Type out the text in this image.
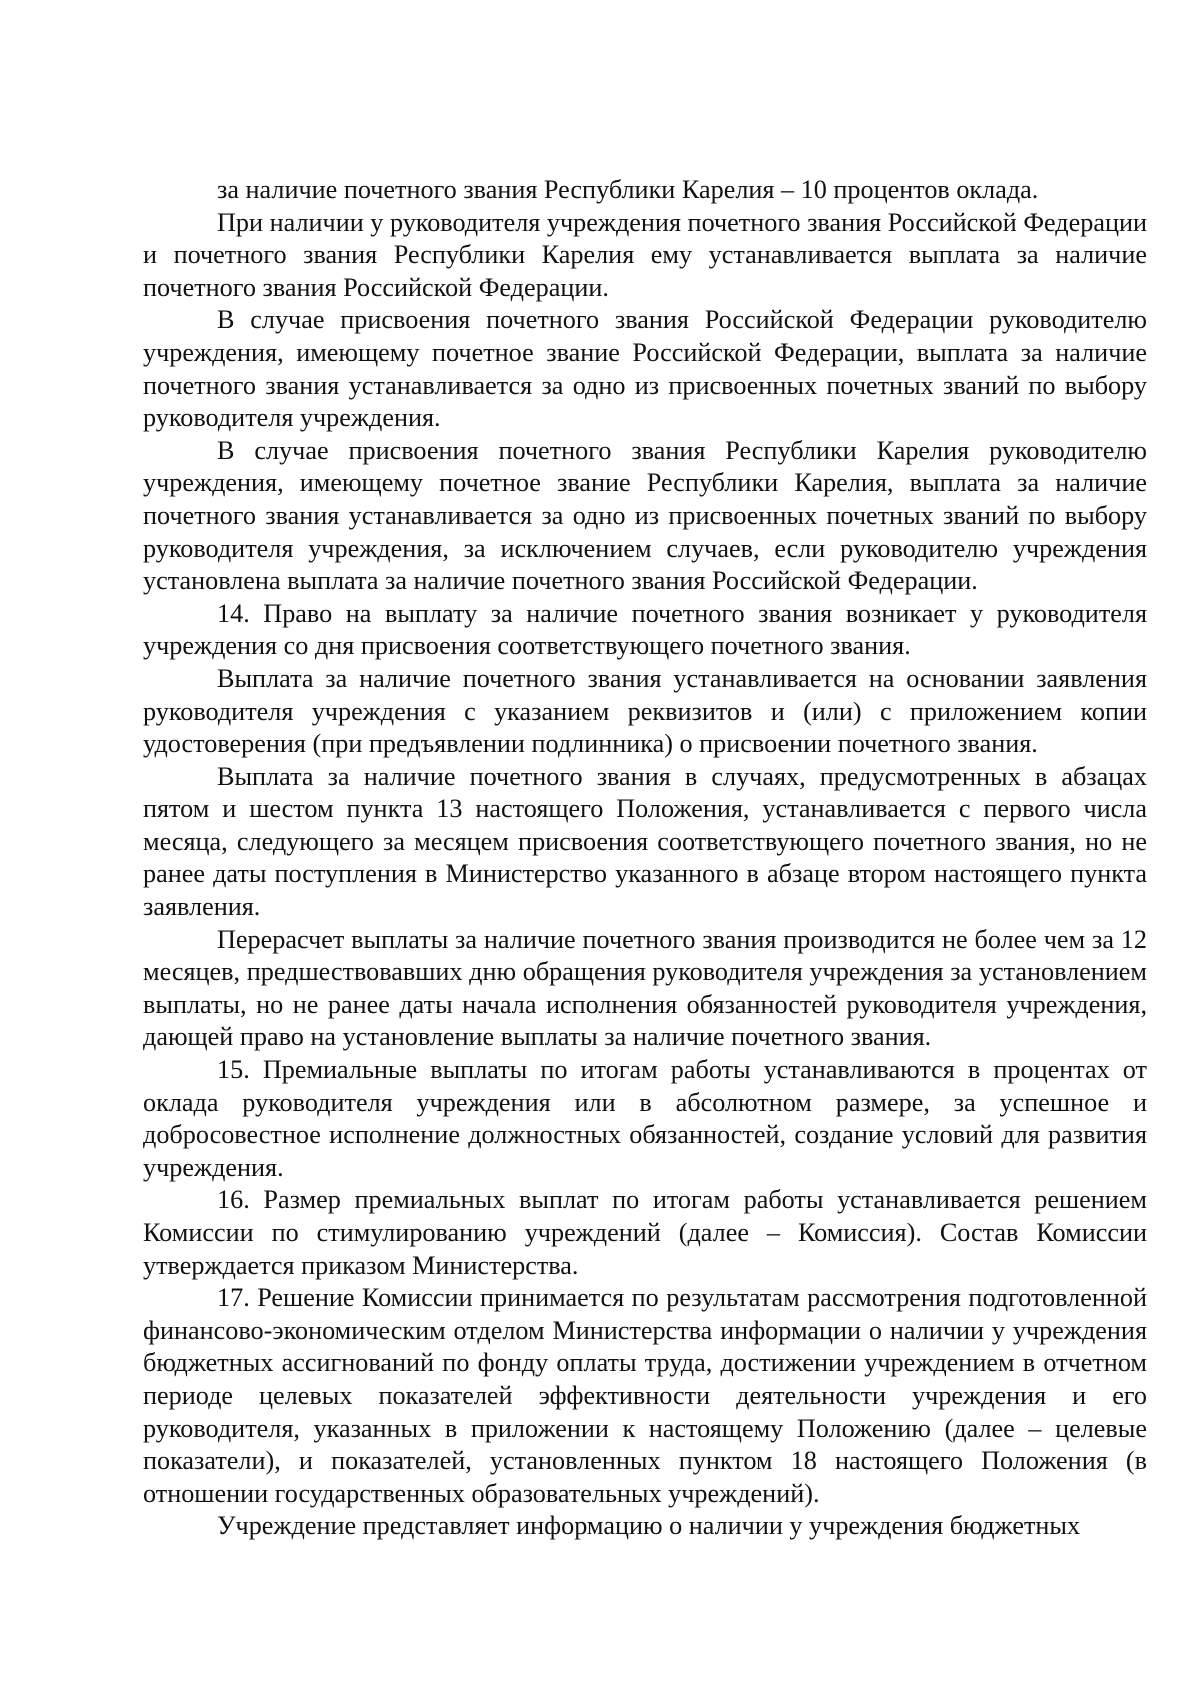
за наличие почетного звания Республики Карелия – 10 процентов оклада.

При наличии у руководителя учреждения почетного звания Российской Федерации и почетного звания Республики Карелия ему устанавливается выплата за наличие почетного звания Российской Федерации.

В случае присвоения почетного звания Российской Федерации руководителю учреждения, имеющему почетное звание Российской Федерации, выплата за наличие почетного звания устанавливается за одно из присвоенных почетных званий по выбору руководителя учреждения.

В случае присвоения почетного звания Республики Карелия руководителю учреждения, имеющему почетное звание Республики Карелия, выплата за наличие почетного звания устанавливается за одно из присвоенных почетных званий по выбору руководителя учреждения, за исключением случаев, если руководителю учреждения установлена выплата за наличие почетного звания Российской Федерации.

14. Право на выплату за наличие почетного звания возникает у руководителя учреждения со дня присвоения соответствующего почетного звания.

Выплата за наличие почетного звания устанавливается на основании заявления руководителя учреждения с указанием реквизитов и (или) с приложением копии удостоверения (при предъявлении подлинника) о присвоении почетного звания.

Выплата за наличие почетного звания в случаях, предусмотренных в абзацах пятом и шестом пункта 13 настоящего Положения, устанавливается с первого числа месяца, следующего за месяцем присвоения соответствующего почетного звания, но не ранее даты поступления в Министерство указанного в абзаце втором настоящего пункта заявления.

Перерасчет выплаты за наличие почетного звания производится не более чем за 12 месяцев, предшествовавших дню обращения руководителя учреждения за установлением выплаты, но не ранее даты начала исполнения обязанностей руководителя учреждения, дающей право на установление выплаты за наличие почетного звания.

15. Премиальные выплаты по итогам работы устанавливаются в процентах от оклада руководителя учреждения или в абсолютном размере, за успешное и добросовестное исполнение должностных обязанностей, создание условий для развития учреждения.

16. Размер премиальных выплат по итогам работы устанавливается решением Комиссии по стимулированию учреждений (далее – Комиссия). Состав Комиссии утверждается приказом Министерства.

17. Решение Комиссии принимается по результатам рассмотрения подготовленной финансово-экономическим отделом Министерства информации о наличии у учреждения бюджетных ассигнований по фонду оплаты труда, достижении учреждением в отчетном периоде целевых показателей эффективности деятельности учреждения и его руководителя, указанных в приложении к настоящему Положению (далее – целевые показатели), и показателей, установленных пунктом 18 настоящего Положения (в отношении государственных образовательных учреждений).

Учреждение представляет информацию о наличии у учреждения бюджетных
